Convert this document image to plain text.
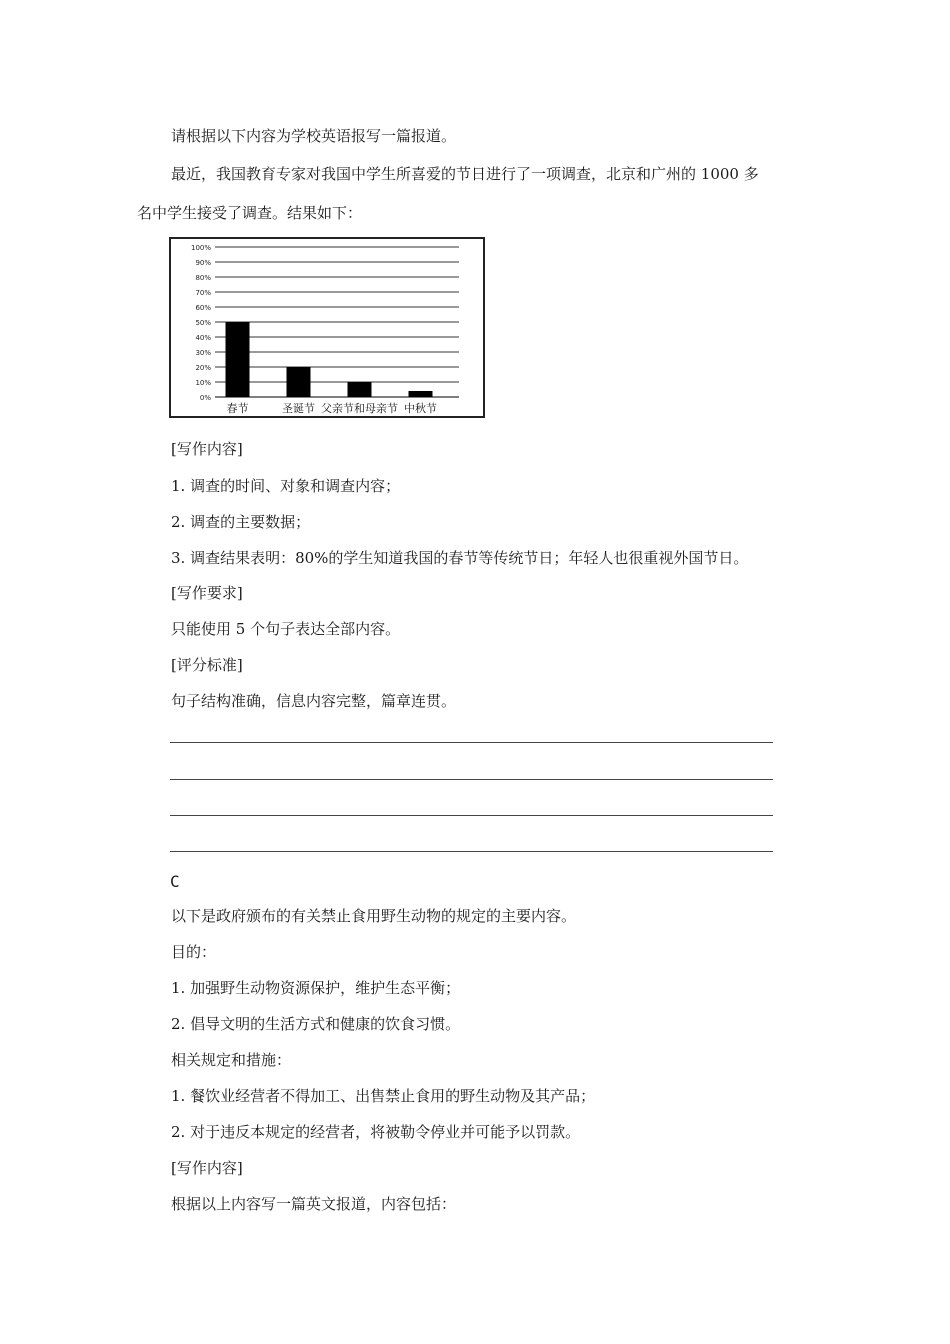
请根据以下内容为学校英语报写一篇报道。
最近，我国教育专家对我国中学生所喜爱的节日进行了一项调查，北京和广州的 1000 多
名中学生接受了调查。结果如下：
0%
10%
20%
30%
40%
50%
60%
70%
80%
90%
100%
春节	圣诞节 父亲节和母亲节 中秋节
[写作内容]
1. 调查的时间、对象和调查内容；
2. 调查的主要数据；
3. 调查结果表明：80%的学生知道我国的春节等传统节日；年轻人也很重视外国节日。
[写作要求]
只能使用 5 个句子表达全部内容。
[评分标准]
句子结构准确，信息内容完整，篇章连贯。
C
以下是政府颁布的有关禁止食用野生动物的规定的主要内容。
目的：
1. 加强野生动物资源保护，维护生态平衡；
2. 倡导文明的生活方式和健康的饮食习惯。
相关规定和措施：
1. 餐饮业经营者不得加工、出售禁止食用的野生动物及其产品；
2. 对于违反本规定的经营者，将被勒令停业并可能予以罚款。
[写作内容]
根据以上内容写一篇英文报道，内容包括：
